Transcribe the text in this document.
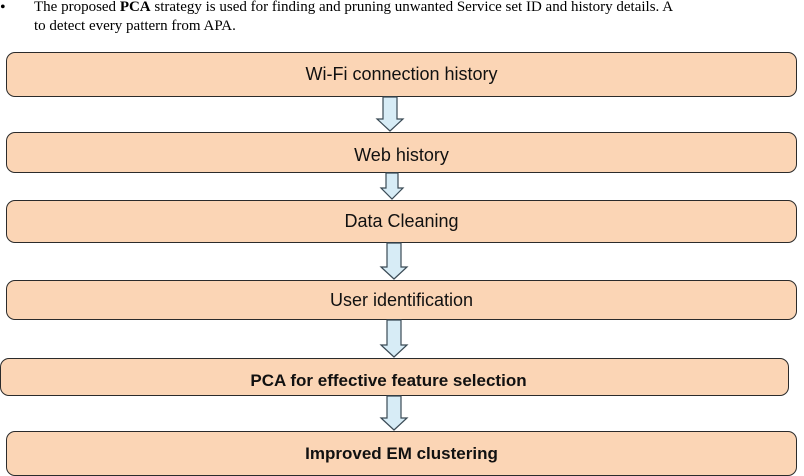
• The proposed PCA strategy is used for finding and pruning unwanted Service set ID and history details. A
to detect every pattern from APA.
Wi-Fi connection history
Web history
Data Cleaning
User identification
PCA for effective feature selection
Improved EM clustering
